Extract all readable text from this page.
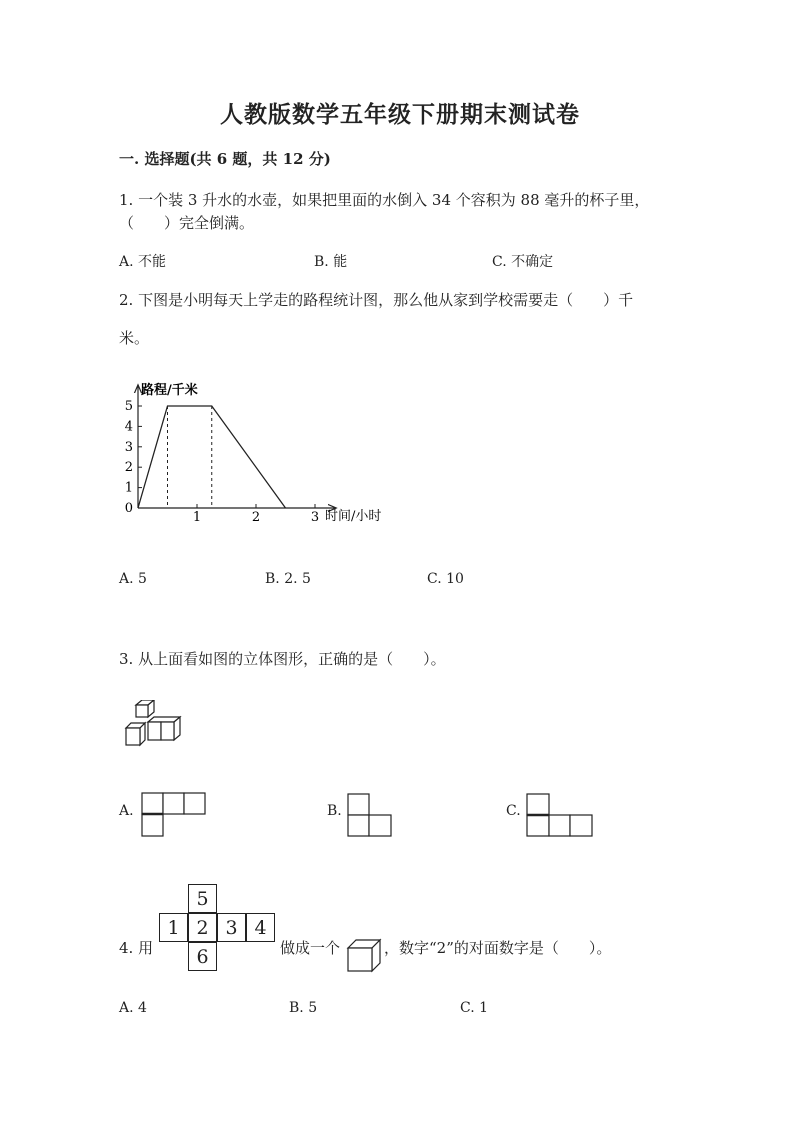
人教版数学五年级下册期末测试卷
一. 选择题(共 6 题，共 12 分)
1. 一个装 3 升水的水壶，如果把里面的水倒入 34 个容积为 88 毫升的杯子里，
（　　）完全倒满。
A. 不能	B. 能	C. 不确定
2. 下图是小明每天上学走的路程统计图，那么他从家到学校需要走（　　）千
米。
0
1
2
3
4
5
1	2	3
路程/千米
时间/小时
A. 5	B. 2. 5	C. 10
3. 从上面看如图的立体图形，正确的是（　　）。
A.	B.	C.
4. 用
5
1 2 3 4
6	做成一个	，数字“2”的对面数字是（　　）。
A. 4	B. 5	C. 1
